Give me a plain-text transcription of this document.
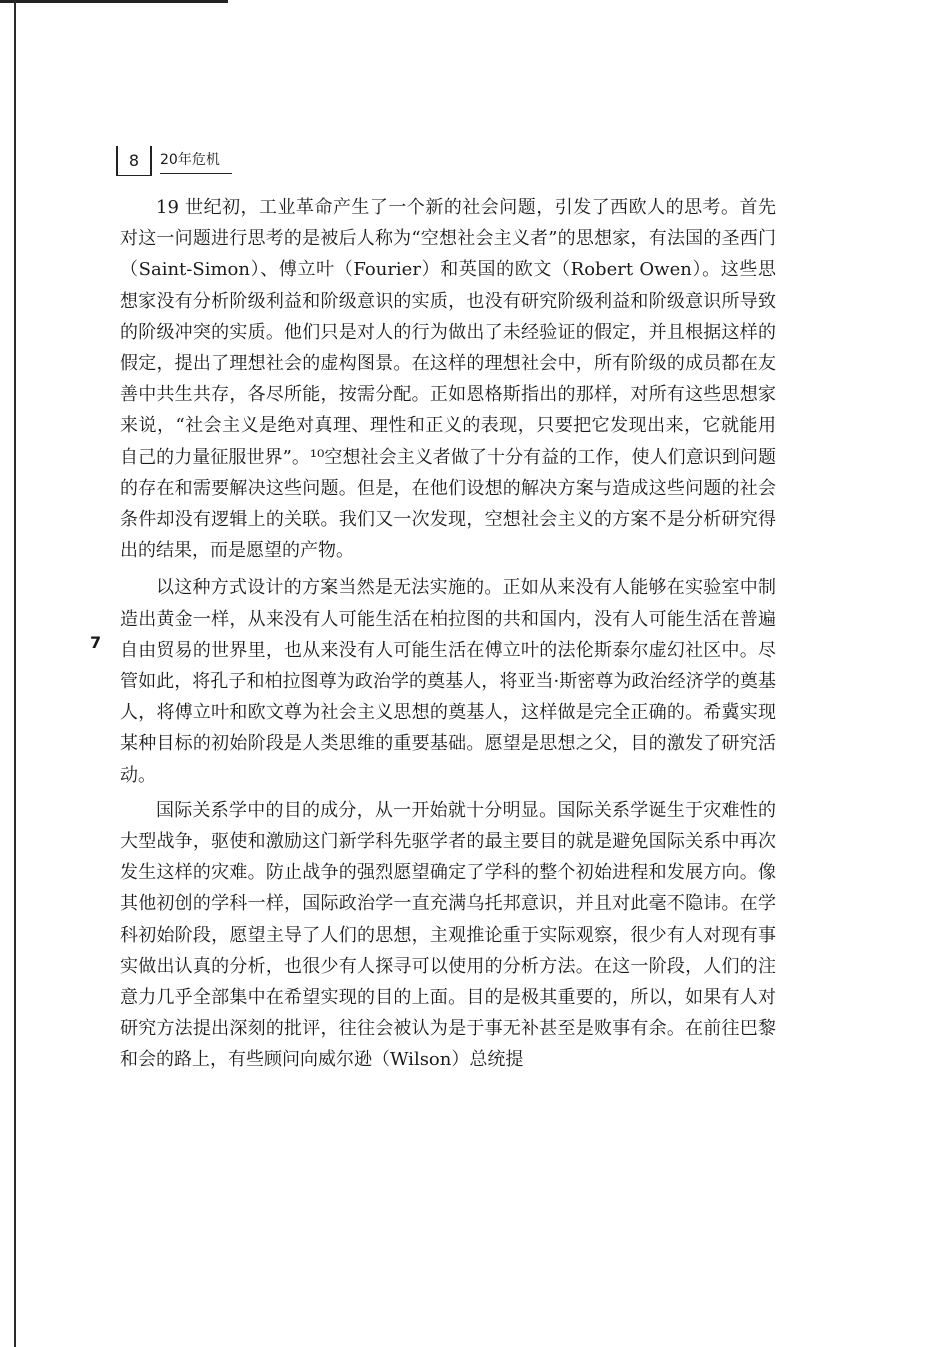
8	20年危机
7

19 世纪初，工业革命产生了一个新的社会问题，引发了西欧人的思考。首先对这一问题进行思考的是被后人称为“空想社会主义者”的思想家，有法国的圣西门（Saint-Simon）、傅立叶（Fourier）和英国的欧文（Robert Owen）。这些思想家没有分析阶级利益和阶级意识的实质，也没有研究阶级利益和阶级意识所导致的阶级冲突的实质。他们只是对人的行为做出了未经验证的假定，并且根据这样的假定，提出了理想社会的虚构图景。在这样的理想社会中，所有阶级的成员都在友善中共生共存，各尽所能，按需分配。正如恩格斯指出的那样，对所有这些思想家来说，“社会主义是绝对真理、理性和正义的表现，只要把它发现出来，它就能用自己的力量征服世界”。¹⁰空想社会主义者做了十分有益的工作，使人们意识到问题的存在和需要解决这些问题。但是，在他们设想的解决方案与造成这些问题的社会条件却没有逻辑上的关联。我们又一次发现，空想社会主义的方案不是分析研究得出的结果，而是愿望的产物。

以这种方式设计的方案当然是无法实施的。正如从来没有人能够在实验室中制造出黄金一样，从来没有人可能生活在柏拉图的共和国内，没有人可能生活在普遍自由贸易的世界里，也从来没有人可能生活在傅立叶的法伦斯泰尔虚幻社区中。尽管如此，将孔子和柏拉图尊为政治学的奠基人，将亚当·斯密尊为政治经济学的奠基人，将傅立叶和欧文尊为社会主义思想的奠基人，这样做是完全正确的。希冀实现某种目标的初始阶段是人类思维的重要基础。愿望是思想之父，目的激发了研究活动。

国际关系学中的目的成分，从一开始就十分明显。国际关系学诞生于灾难性的大型战争，驱使和激励这门新学科先驱学者的最主要目的就是避免国际关系中再次发生这样的灾难。防止战争的强烈愿望确定了学科的整个初始进程和发展方向。像其他初创的学科一样，国际政治学一直充满乌托邦意识，并且对此毫不隐讳。在学科初始阶段，愿望主导了人们的思想，主观推论重于实际观察，很少有人对现有事实做出认真的分析，也很少有人探寻可以使用的分析方法。在这一阶段，人们的注意力几乎全部集中在希望实现的目的上面。目的是极其重要的，所以，如果有人对研究方法提出深刻的批评，往往会被认为是于事无补甚至是败事有余。在前往巴黎和会的路上，有些顾问向威尔逊（Wilson）总统提
